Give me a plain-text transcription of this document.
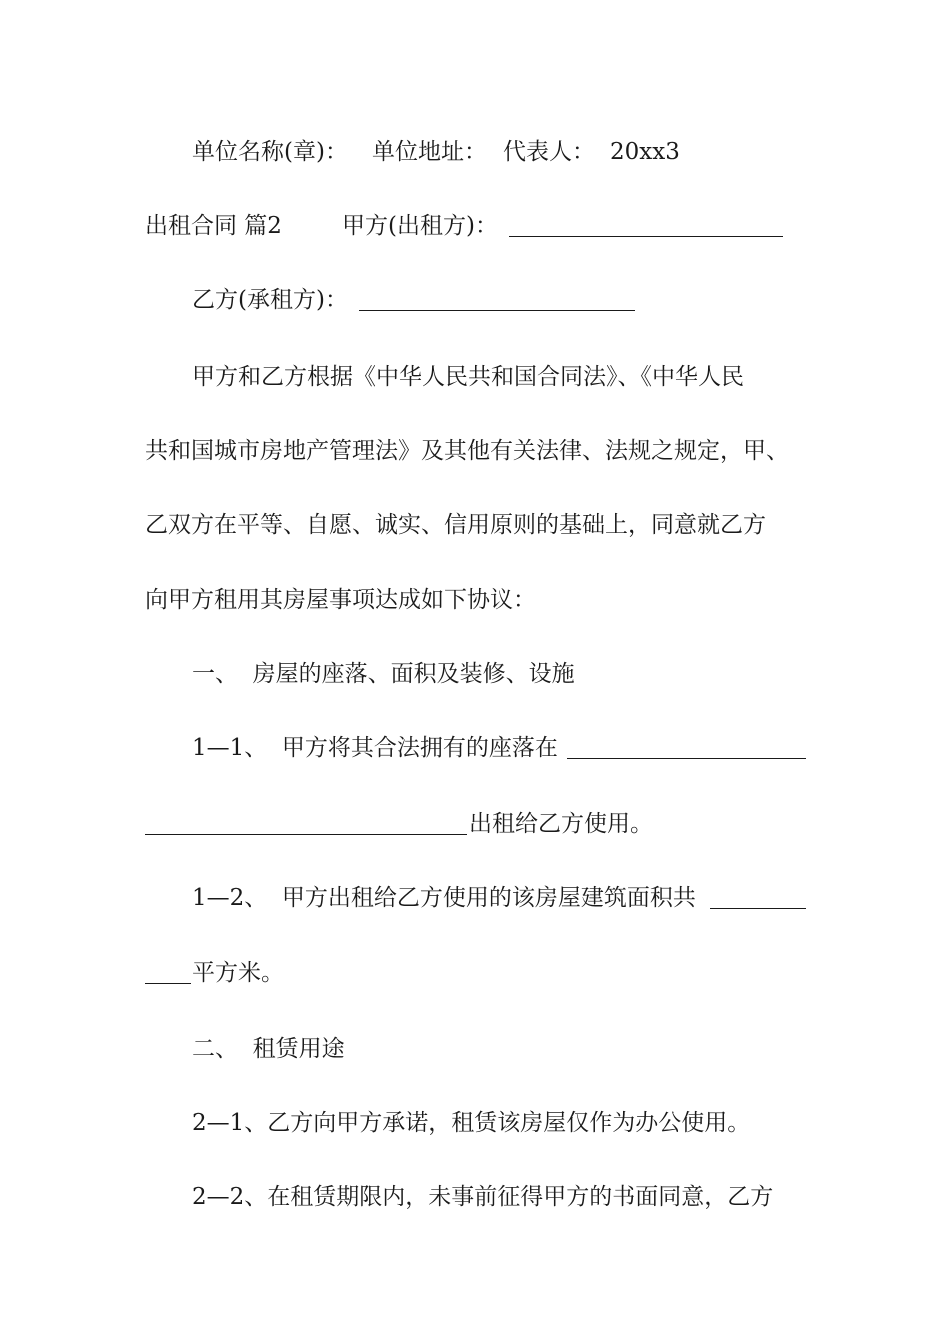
单位名称(章)：

单位地址：

代表人：

20xx3

出租合同 篇2

	甲方(出租方)：

乙方(承租方)：

甲方和乙方根据《中华人民共和国合同法》、《中华人民

共和国城市房地产管理法》及其他有关法律、法规之规定，甲、

乙双方在平等、自愿、诚实、信用原则的基础上，同意就乙方

向甲方租用其房屋事项达成如下协议：

一、  房屋的座落、面积及装修、设施

1—1、  甲方将其合法拥有的座落在

出租给乙方使用。

1—2、  甲方出租给乙方使用的该房屋建筑面积共

平方米。

二、  租赁用途

2—1、乙方向甲方承诺，租赁该房屋仅作为办公使用。

2—2、在租赁期限内，未事前征得甲方的书面同意，乙方
